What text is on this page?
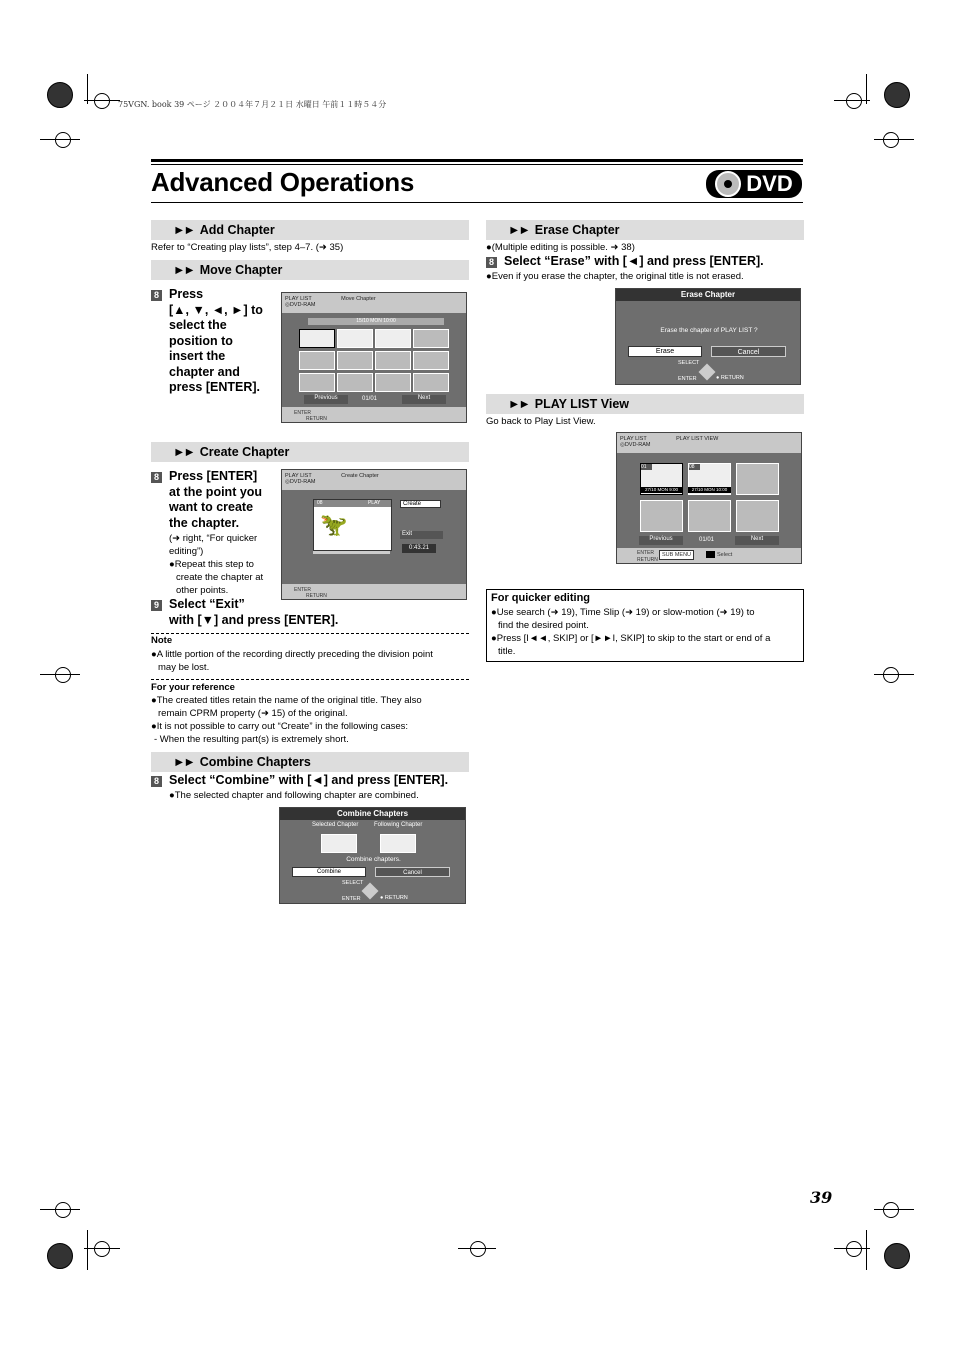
75VGN. book 39 ページ ２００４年７月２１日 水曜日 午前１１時５４分
Advanced Operations	DVD
►► Add Chapter
Refer to “Creating play lists”, step 4–7. (➜ 35)
►► Move Chapter
8 Press
[▲, ▼, ◄, ►] to
select the
position to
insert the
chapter and
press [ENTER].
PLAY LIST	Move Chapter
◎DVD-RAM
15/10 MON 10:00
Previous	01/01	Next
ENTER
RETURN
►► Create Chapter
8 Press [ENTER]
at the point you
want to create
the chapter.
(➜ right, “For quicker
editing”)
●Repeat this step to
create the chapter at
other points.
PLAY LIST	Create Chapter
◎DVD-RAM
08	PLAY
🦖
Create
Exit
0:43.21
ENTER
RETURN
9 Select “Exit”
with [▼] and press [ENTER].
Note
●A little portion of the recording directly preceding the division point
may be lost.
For your reference
●The created titles retain the name of the original title. They also
remain CPRM property (➜ 15) of the original.
●It is not possible to carry out “Create” in the following cases:
- When the resulting part(s) is extremely short.
►► Combine Chapters
8 Select “Combine” with [◄] and press [ENTER].
●The selected chapter and following chapter are combined.
Combine Chapters
Selected Chapter	Following Chapter
Combine chapters.
Combine	Cancel
SELECT
ENTER	● RETURN
►► Erase Chapter
●(Multiple editing is possible. ➜ 38)
8 Select “Erase” with [◄] and press [ENTER].
●Even if you erase the chapter, the original title is not erased.
Erase Chapter
Erase the chapter of PLAY LIST ?
Erase	Cancel
SELECT
ENTER	● RETURN
►► PLAY LIST View
Go back to Play List View.
PLAY LIST	PLAY LIST VIEW
◎DVD-RAM
01
27/10 MON 9:00
08
27/10 MON 10:00
Previous	01/01	Next
ENTER
RETURN
SUB MENU	Select
For quicker editing
●Use search (➜ 19), Time Slip (➜ 19) or slow-motion (➜ 19) to
find the desired point.
●Press [I◄◄, SKIP] or [►►I, SKIP] to skip to the start or end of a
title.
39
